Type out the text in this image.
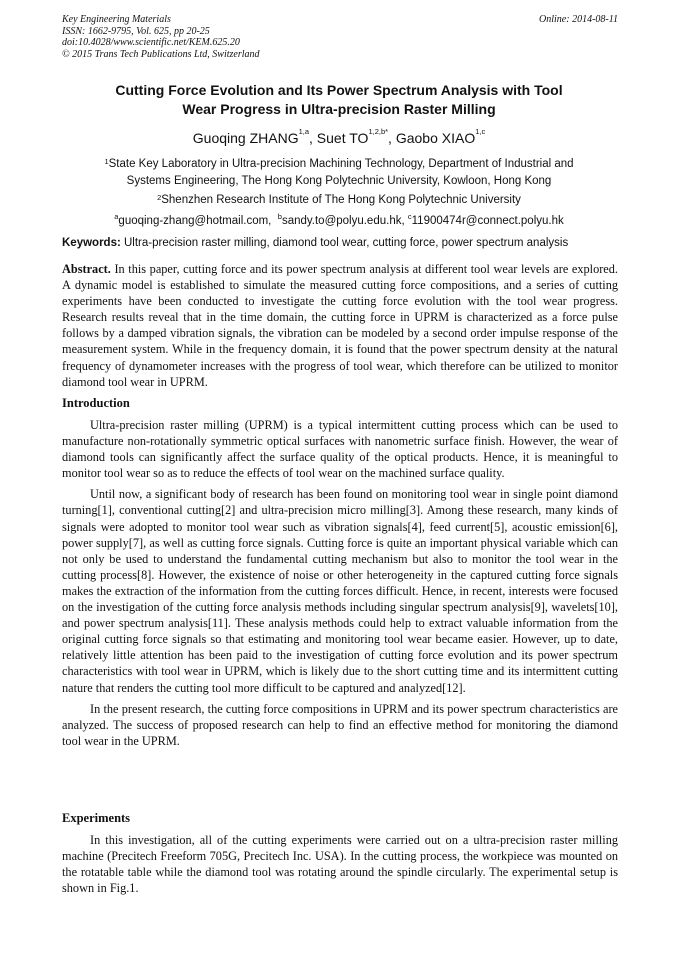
Key Engineering Materials
ISSN: 1662-9795, Vol. 625, pp 20-25
doi:10.4028/www.scientific.net/KEM.625.20
© 2015 Trans Tech Publications Ltd, Switzerland
Online: 2014-08-11
Cutting Force Evolution and Its Power Spectrum Analysis with Tool
Wear Progress in Ultra-precision Raster Milling
Guoqing ZHANG$^{1,a}$, Suet $TO^{1,2,b*}$, Gaobo XIAO$^{1,c}$
$^1$State Key Laboratory in Ultra-precision Machining Technology, Department of Industrial and
Systems Engineering, The Hong Kong Polytechnic University, Kowloon, Hong Kong
$^2$Shenzhen Research Institute of The Hong Kong Polytechnic University
$^a$guoqing-zhang@hotmail.com, $^b$sandy.to@polyu.edu.hk, $^c$11900474r@connect.polyu.hk
Keywords: Ultra-precision raster milling, diamond tool wear, cutting force, power spectrum analysis

Abstract. In this paper, cutting force and its power spectrum analysis at different tool wear levels are explored. A dynamic model is established to simulate the measured cutting force compositions, and a series of cutting experiments have been conducted to investigate the cutting force evolution with the tool wear progress. Research results reveal that in the time domain, the cutting force in UPRM is characterized as a force pulse follows by a damped vibration signals, the vibration can be modeled by a second order impulse response of the measurement system. While in the frequency domain, it is found that the power spectrum density at the natural frequency of dynamometer increases with the progress of tool wear, which therefore can be utilized to monitor diamond tool wear in UPRM.

Introduction

Ultra-precision raster milling (UPRM) is a typical intermittent cutting process which can be used to manufacture non-rotationally symmetric optical surfaces with nanometric surface finish. However, the wear of diamond tools can significantly affect the surface quality of the optical products. Hence, it is meaningful to monitor tool wear so as to reduce the effects of tool wear on the machined surface quality.

Until now, a significant body of research has been found on monitoring tool wear in single point diamond turning[1], conventional cutting[2] and ultra-precision micro milling[3]. Among these research, many kinds of signals were adopted to monitor tool wear such as vibration signals[4], feed current[5], acoustic emission[6], power supply[7], as well as cutting force signals. Cutting force is quite an important physical variable which can not only be used to understand the fundamental cutting mechanism but also to monitor the tool wear in the cutting process[8]. However, the existence of noise or other heterogeneity in the captured cutting force signals makes the extraction of the information from the cutting forces difficult. Hence, in recent, interests were focused on the investigation of the cutting force analysis methods including singular spectrum analysis[9], wavelets[10], and power spectrum analysis[11]. These analysis methods could help to extract valuable information from the original cutting force signals so that estimating and monitoring tool wear became easier. However, up to date, relatively little attention has been paid to the investigation of cutting force evolution and its power spectrum characteristics with tool wear in UPRM, which is likely due to the short cutting time and its intermittent cutting nature that renders the cutting tool more difficult to be captured and analyzed[12].

In the present research, the cutting force compositions in UPRM and its power spectrum characteristics are analyzed. The success of proposed research can help to find an effective method for monitoring the diamond tool wear in the UPRM.

Experiments

In this investigation, all of the cutting experiments were carried out on a ultra-precision raster milling machine (Precitech Freeform 705G, Precitech Inc. USA). In the cutting process, the workpiece was mounted on the rotatable table while the diamond tool was rotating around the spindle circularly. The experimental setup is shown in Fig.1.
